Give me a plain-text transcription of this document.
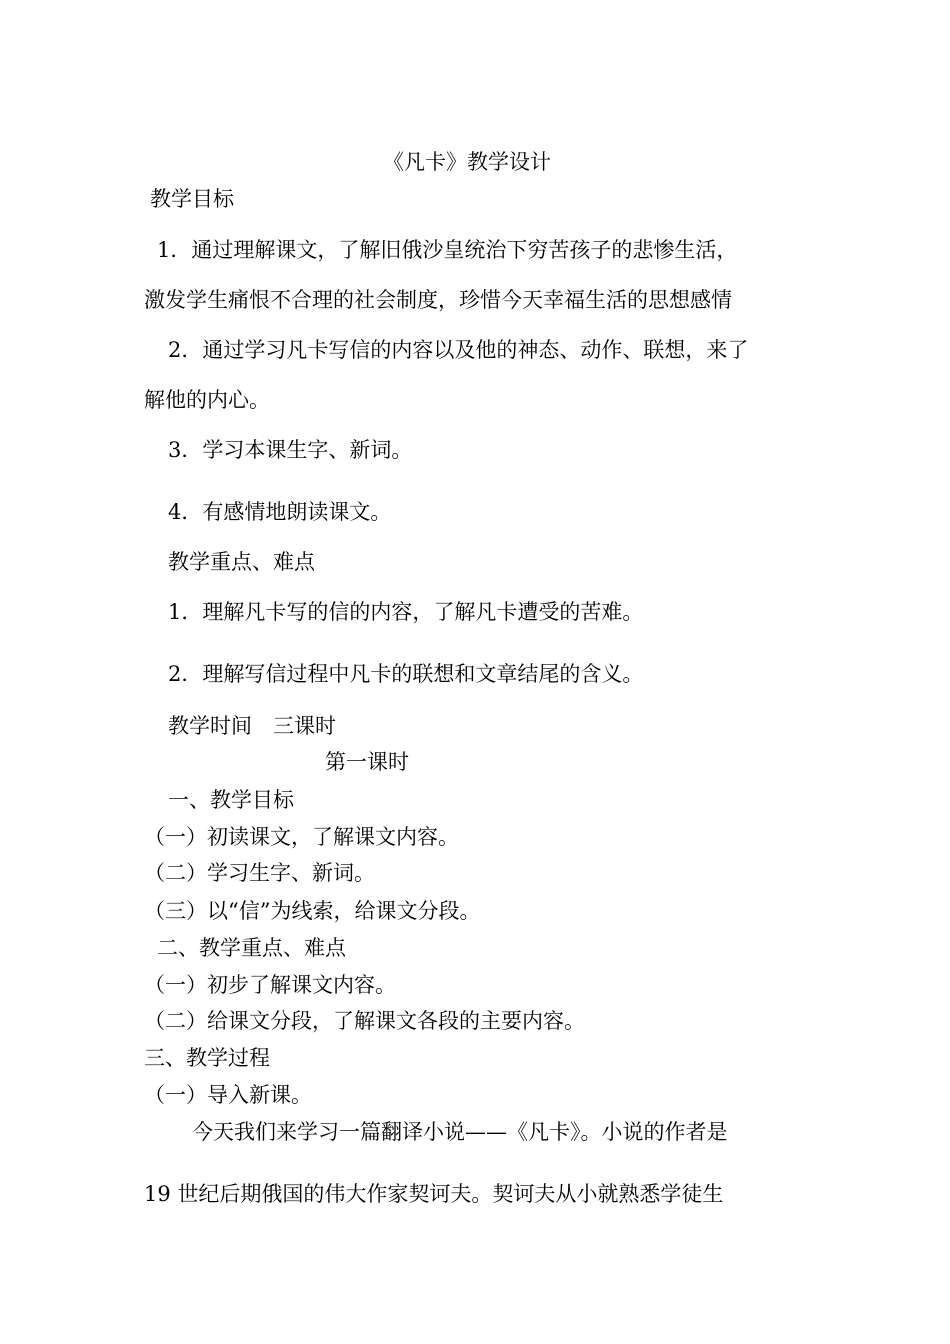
《凡卡》教学设计
教学目标
1．通过理解课文，了解旧俄沙皇统治下穷苦孩子的悲惨生活，
激发学生痛恨不合理的社会制度，珍惜今天幸福生活的思想感情
2．通过学习凡卡写信的内容以及他的神态、动作、联想，来了
解他的内心。
3．学习本课生字、新词。
4．有感情地朗读课文。
教学重点、难点
1．理解凡卡写的信的内容，了解凡卡遭受的苦难。
2．理解写信过程中凡卡的联想和文章结尾的含义。
教学时间　三课时
第一课时
一、教学目标
（一）初读课文，了解课文内容。
（二）学习生字、新词。
（三）以“信”为线索，给课文分段。
二、教学重点、难点
（一）初步了解课文内容。
（二）给课文分段，了解课文各段的主要内容。
三、教学过程
（一）导入新课。
今天我们来学习一篇翻译小说——《凡卡》。小说的作者是
19 世纪后期俄国的伟大作家契诃夫。契诃夫从小就熟悉学徒生
